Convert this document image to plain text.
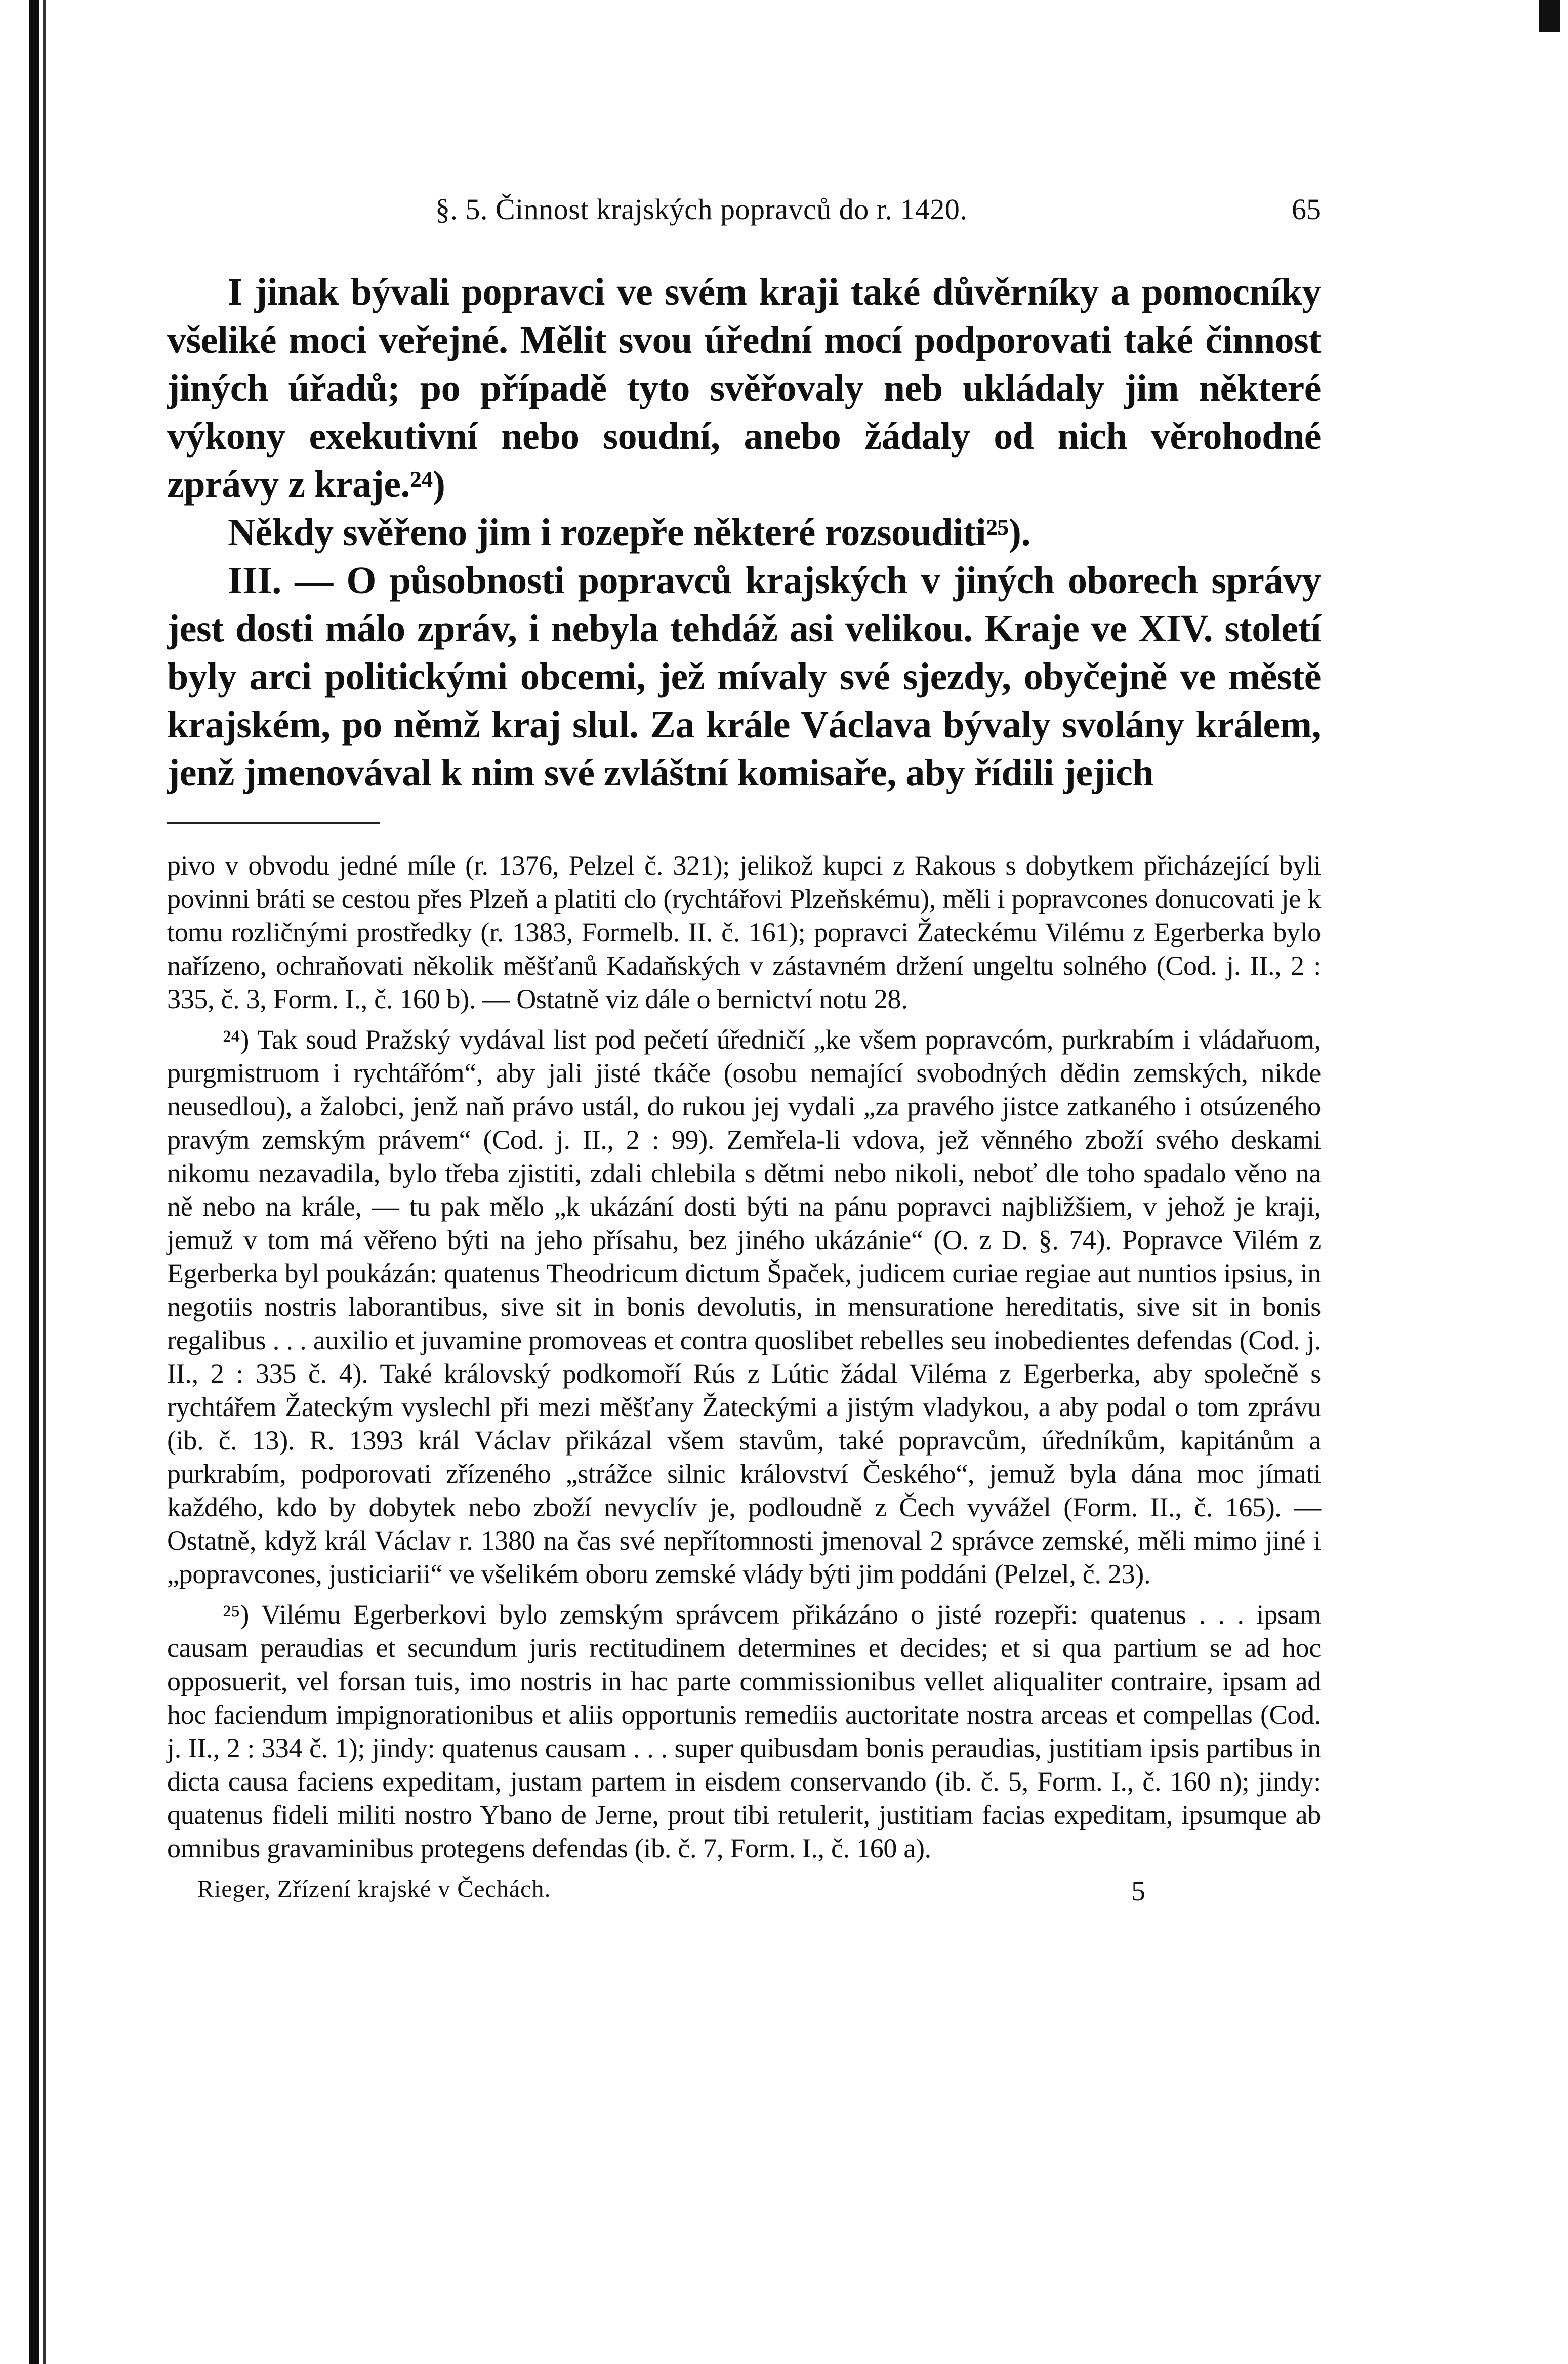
§. 5. Činnost krajských popravců do r. 1420.	65

I jinak bývali popravci ve svém kraji také důvěrníky a pomocníky všeliké moci veřejné. Mělit svou úřední mocí podporovati také činnost jiných úřadů; po případě tyto svěřovaly neb ukládaly jim některé výkony exekutivní nebo soudní, anebo žádaly od nich věrohodné zprávy z kraje.²⁴)

Někdy svěřeno jim i rozepře některé rozsouditi²⁵).

III. — O působnosti popravců krajských v jiných oborech správy jest dosti málo zpráv, i nebyla tehdáž asi velikou. Kraje ve XIV. století byly arci politickými obcemi, jež mívaly své sjezdy, obyčejně ve městě krajském, po němž kraj slul. Za krále Václava bývaly svolány králem, jenž jmenovával k nim své zvláštní komisaře, aby řídili jejich

pivo v obvodu jedné míle (r. 1376, Pelzel č. 321); jelikož kupci z Rakous s dobytkem přicházející byli povinni bráti se cestou přes Plzeň a platiti clo (rychtářovi Plzeňskému), měli i popravcones donucovati je k tomu rozličnými prostředky (r. 1383, Formelb. II. č. 161); popravci Žateckému Vilému z Egerberka bylo nařízeno, ochraňovati několik měšťanů Kadaňských v zástavném držení ungeltu solného (Cod. j. II., 2 : 335, č. 3, Form. I., č. 160 b). — Ostatně viz dále o bernictví notu 28.

²⁴) Tak soud Pražský vydával list pod pečetí úředničí „ke všem popravcóm, purkrabím i vládařuom, purgmistruom i rychtářóm“, aby jali jisté tkáče (osobu nemající svobodných dědin zemských, nikde neusedlou), a žalobci, jenž naň právo ustál, do rukou jej vydali „za pravého jistce zatkaného i otsúzeného pravým zemským právem“ (Cod. j. II., 2 : 99). Zemřela-li vdova, jež věnného zboží svého deskami nikomu nezavadila, bylo třeba zjistiti, zdali chlebila s dětmi nebo nikoli, neboť dle toho spadalo věno na ně nebo na krále, — tu pak mělo „k ukázání dosti býti na pánu popravci najbližšiem, v jehož je kraji, jemuž v tom má věřeno býti na jeho přísahu, bez jiného ukázánie“ (O. z D. §. 74). Popravce Vilém z Egerberka byl poukázán: quatenus Theodricum dictum Špaček, judicem curiae regiae aut nuntios ipsius, in negotiis nostris laborantibus, sive sit in bonis devolutis, in mensuratione hereditatis, sive sit in bonis regalibus . . . auxilio et juvamine promoveas et contra quoslibet rebelles seu inobedientes defendas (Cod. j. II., 2 : 335 č. 4). Také královský podkomoří Rús z Lútic žádal Viléma z Egerberka, aby společně s rychtářem Žateckým vyslechl při mezi měšťany Žateckými a jistým vladykou, a aby podal o tom zprávu (ib. č. 13). R. 1393 král Václav přikázal všem stavům, také popravcům, úředníkům, kapitánům a purkrabím, podporovati zřízeného „strážce silnic království Českého“, jemuž byla dána moc jímati každého, kdo by dobytek nebo zboží nevyclív je, podloudně z Čech vyvážel (Form. II., č. 165). — Ostatně, když král Václav r. 1380 na čas své nepřítomnosti jmenoval 2 správce zemské, měli mimo jiné i „popravcones, justiciarii“ ve všelikém oboru zemské vlády býti jim poddáni (Pelzel, č. 23).

²⁵) Vilému Egerberkovi bylo zemským správcem přikázáno o jisté rozepři: quatenus . . . ipsam causam peraudias et secundum juris rectitudinem determines et decides; et si qua partium se ad hoc opposuerit, vel forsan tuis, imo nostris in hac parte commissionibus vellet aliqualiter contraire, ipsam ad hoc faciendum impignorationibus et aliis opportunis remediis auctoritate nostra arceas et compellas (Cod. j. II., 2 : 334 č. 1); jindy: quatenus causam . . . super quibusdam bonis peraudias, justitiam ipsis partibus in dicta causa faciens expeditam, justam partem in eisdem conservando (ib. č. 5, Form. I., č. 160 n); jindy: quatenus fideli militi nostro Ybano de Jerne, prout tibi retulerit, justitiam facias expeditam, ipsumque ab omnibus gravaminibus protegens defendas (ib. č. 7, Form. I., č. 160 a).

Rieger, Zřízení krajské v Čechách.	5
